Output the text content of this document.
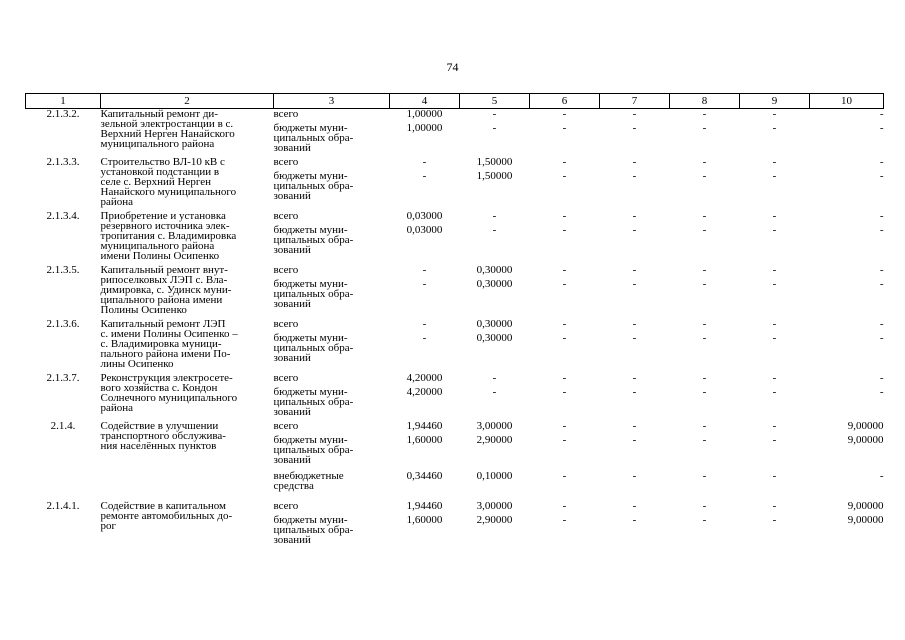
74
1	2	3	4	5	6	7	8	9	10
2.1.3.2.	Капитальный ремонт ди-
зельной электростанции в с.
Верхний Нерген Нанайского
муниципального района	всего	1,00000	-	-	-	-	-	-
		бюджеты муни-
ципальных обра-
зований	1,00000	-	-	-	-	-	-
2.1.3.3.	Строительство ВЛ-10 кВ с
установкой подстанции в
селе с. Верхний Нерген
Нанайского муниципального
района	всего	-	1,50000	-	-	-	-	-
		бюджеты муни-
ципальных обра-
зований	-	1,50000	-	-	-	-	-
2.1.3.4.	Приобретение и установка
резервного источника элек-
тропитания с. Владимировка
муниципального района
имени Полины Осипенко	всего	0,03000	-	-	-	-	-	-
		бюджеты муни-
ципальных обра-
зований	0,03000	-	-	-	-	-	-
2.1.3.5.	Капитальный ремонт внут-
рипоселковых ЛЭП с. Вла-
димировка, с. Удинск муни-
ципального района имени
Полины Осипенко	всего	-	0,30000	-	-	-	-	-
		бюджеты муни-
ципальных обра-
зований	-	0,30000	-	-	-	-	-
2.1.3.6.	Капитальный ремонт ЛЭП
с. имени Полины Осипенко –
с. Владимировка муници-
пального района имени По-
лины Осипенко	всего	-	0,30000	-	-	-	-	-
		бюджеты муни-
ципальных обра-
зований	-	0,30000	-	-	-	-	-
2.1.3.7.	Реконструкция электросете-
вого хозяйства с. Кондон
Солнечного муниципального
района	всего	4,20000	-	-	-	-	-	-
		бюджеты муни-
ципальных обра-
зований	4,20000	-	-	-	-	-	-
2.1.4.	Содействие в улучшении
транспортного обслужива-
ния населённых пунктов	всего	1,94460	3,00000	-	-	-	-	9,00000
		бюджеты муни-
ципальных обра-
зований	1,60000	2,90000	-	-	-	-	9,00000
		внебюджетные
средства	0,34460	0,10000	-	-	-	-	-
2.1.4.1.	Содействие в капитальном
ремонте автомобильных до-
рог	всего	1,94460	3,00000	-	-	-	-	9,00000
		бюджеты муни-
ципальных обра-
зований	1,60000	2,90000	-	-	-	-	9,00000
